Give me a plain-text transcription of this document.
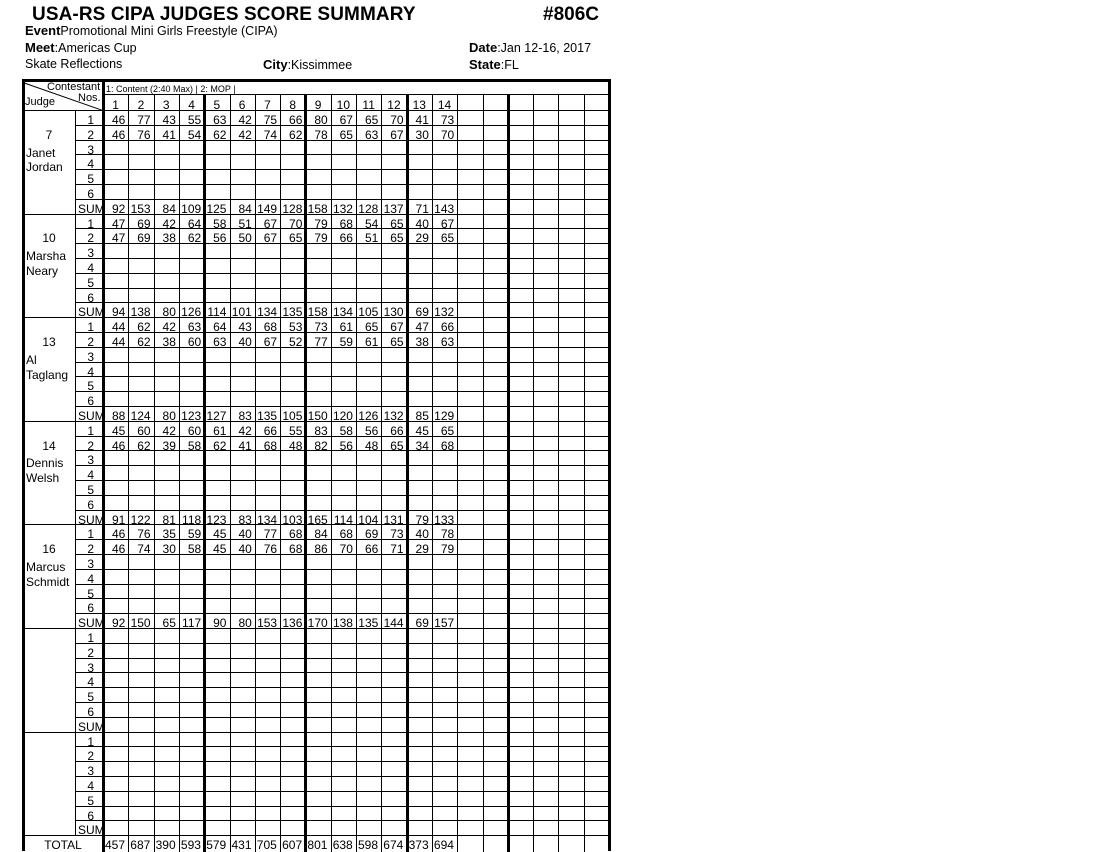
USA-RS CIPA JUDGES SCORE SUMMARY	#806C
EventPromotional Mini Girls Freestyle (CIPA)
Meet:Americas Cup
Skate Reflections	City:Kissimmee
Date:Jan 12-16, 2017
State:FL
Contestant
Nos.
Judge
1: Content (2:40 Max) | 2: MOP |
1	2	3	4	5	6	7	8	9	10	11	12 13 14
7
Janet
Jordan
1	46 77 43 55 63 42 75 66 80 67 65 70 41 73
2	46 76 41 54 62 42 74 62 78 65 63 67 30 70
3
4
5
6
SUM 92 153 84 109 125 84 149 128 158 132 128 137 71 143
10
Marsha
Neary
1	47 69 42 64 58 51 67 70 79 68 54 65 40 67
2	47 69 38 62 56 50 67 65 79 66 51 65 29 65
3
4
5
6
SUM 94 138 80 126 114 101 134 135 158 134 105 130 69 132
13
Al
Taglang
1	44 62 42 63 64 43 68 53 73 61 65 67 47 66
2	44 62 38 60 63 40 67 52 77 59 61 65 38 63
3
4
5
6
SUM 88 124 80 123 127 83 135 105 150 120 126 132 85 129
14
Dennis
Welsh
1	45 60 42 60 61 42 66 55 83 58 56 66 45 65
2	46 62 39 58 62 41 68 48 82 56 48 65 34 68
3
4
5
6
SUM 91 122 81 118 123 83 134 103 165 114 104 131 79 133
16
Marcus
Schmidt
1	46 76 35 59 45 40 77 68 84 68 69 73 40 78
2	46 74 30 58 45 40 76 68 86 70 66 71 29 79
3
4
5
6
SUM 92 150 65 117 90 80 153 136 170 138 135 144 69 157
1
2
3
4
5
6
SUM
1
2
3
4
5
6
SUM
TOTAL	457 687 390 593 579 431 705 607 801 638 598 674 373 694
